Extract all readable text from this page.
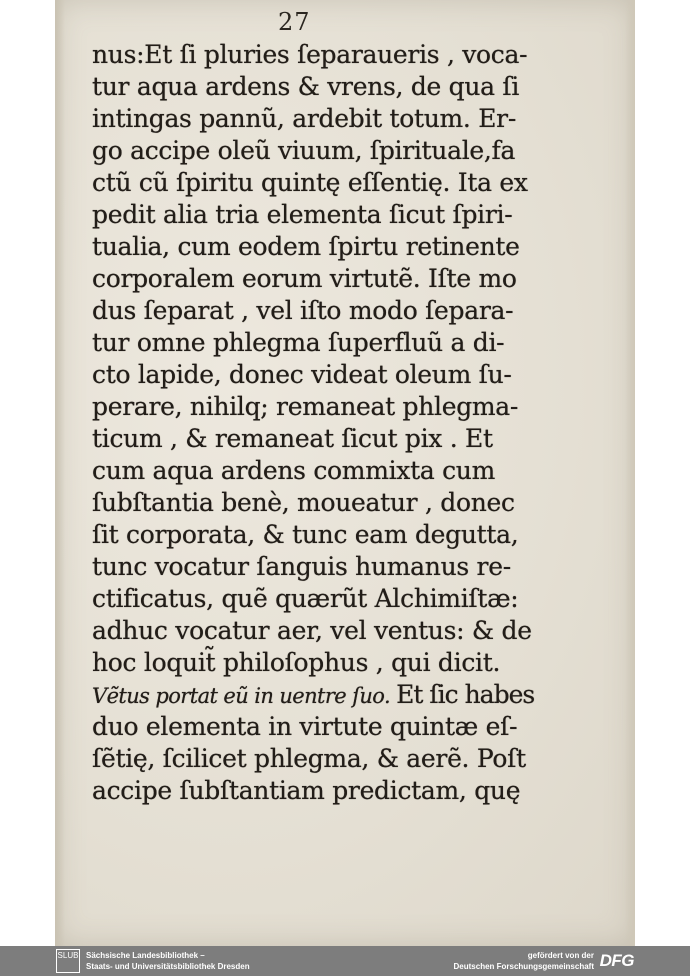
27
nus:Et ſi pluries ſeparaueris , voca-
tur aqua ardens & vrens, de qua ſi
intingas pannũ, ardebit totum. Er-
go accipe oleũ viuum, ſpirituale,fa
ctũ cũ ſpiritu quintę eſſentię. Ita ex
pedit alia tria elementa ſicut ſpiri-
tualia, cum eodem ſpirtu retinente
corporalem eorum virtutẽ. Iſte mo
dus ſeparat , vel iſto modo ſepara-
tur omne phlegma ſuperfluũ a di-
cto lapide, donec videat oleum ſu-
perare, nihilq; remaneat phlegma-
ticum , & remaneat ſicut pix . Et
cum aqua ardens commixta cum
ſubſtantia benè, moueatur , donec
ſit corporata, & tunc eam degutta,
tunc vocatur ſanguis humanus re-
ctificatus, quẽ quærũt Alchimiſtæ:
adhuc vocatur aer, vel ventus: & de
hoc loquit̃ philoſophus , qui dicit.
Vẽtus portat eũ in uentre ſuo. Et ſic habes
duo elementa in virtute quintæ eſ-
ſẽtię, ſcilicet phlegma, & aerẽ. Poſt
accipe ſubſtantiam predictam, quę
SLUB Sächsische Landesbibliothek –
Staats- und Universitätsbibliothek Dresden
gefördert von der
Deutschen Forschungsgemeinschaft DFG
